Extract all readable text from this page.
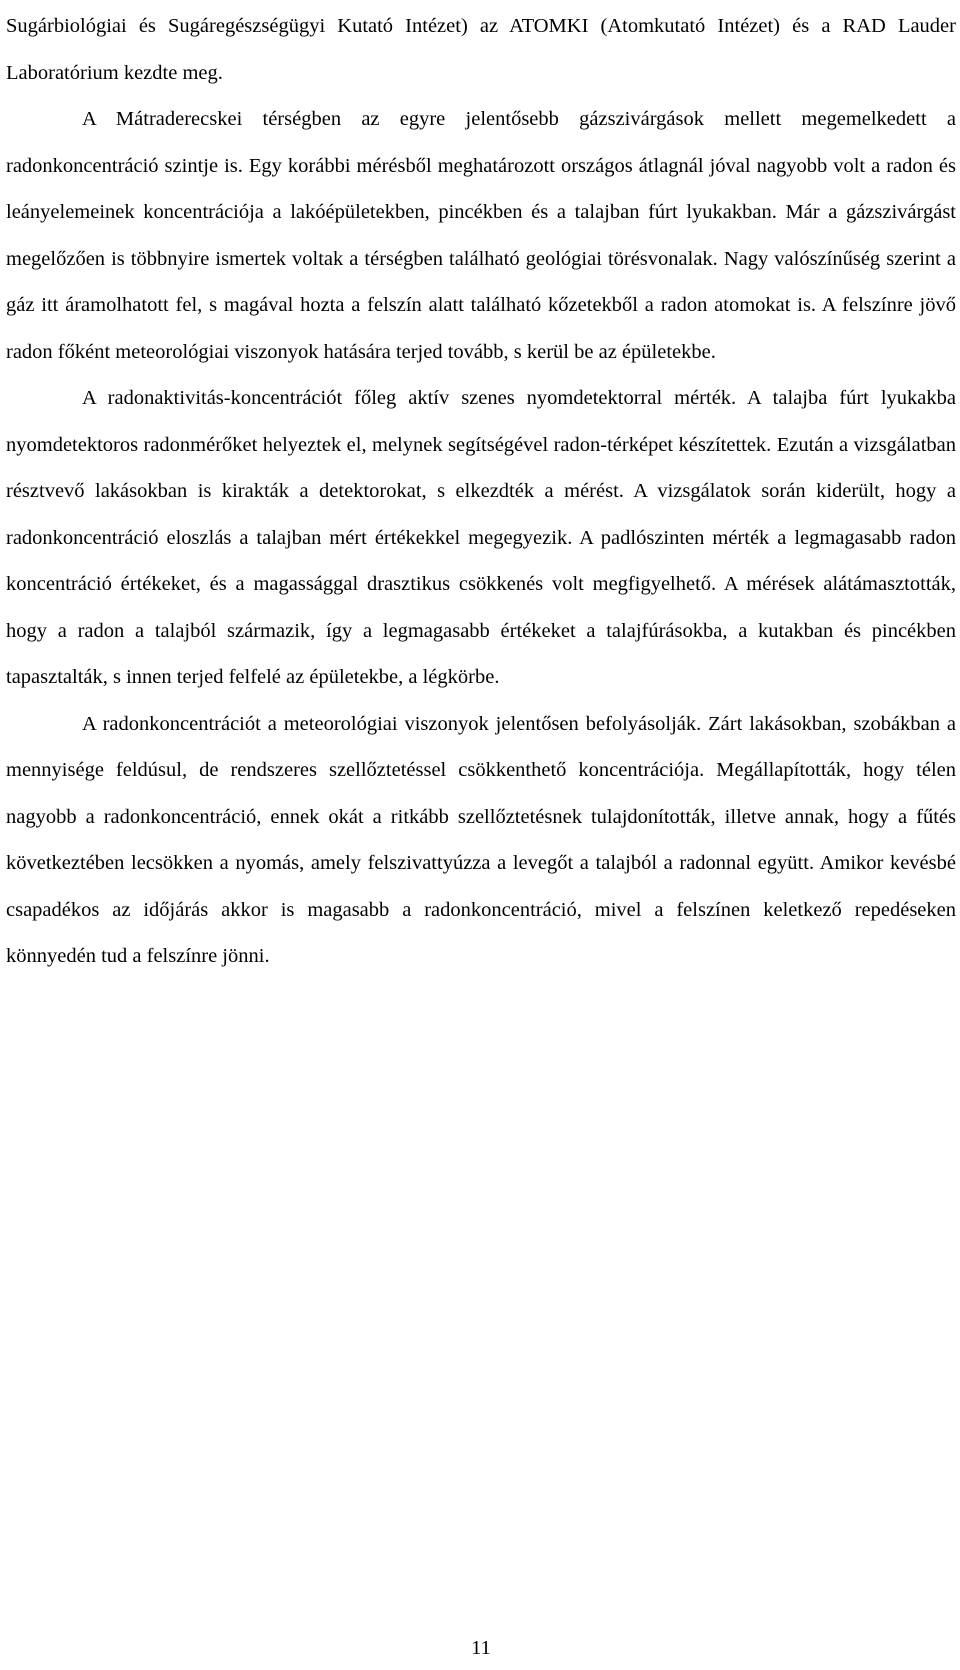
Sugárbiológiai és Sugáregészségügyi Kutató Intézet) az ATOMKI (Atomkutató Intézet) és a RAD Lauder Laboratórium kezdte meg.

A Mátraderecskei térségben az egyre jelentősebb gázszivárgások mellett megemelkedett a radonkoncentráció szintje is. Egy korábbi mérésből meghatározott országos átlagnál jóval nagyobb volt a radon és leányelemeinek koncentrációja a lakóépületekben, pincékben és a talajban fúrt lyukakban. Már a gázszivárgást megelőzően is többnyire ismertek voltak a térségben található geológiai törésvonalak. Nagy valószínűség szerint a gáz itt áramolhatott fel, s magával hozta a felszín alatt található kőzetekből a radon atomokat is. A felszínre jövő radon főként meteorológiai viszonyok hatására terjed tovább, s kerül be az épületekbe.

A radonaktivitás-koncentrációt főleg aktív szenes nyomdetektorral mérték. A talajba fúrt lyukakba nyomdetektoros radonmérőket helyeztek el, melynek segítségével radon-térképet készítettek. Ezután a vizsgálatban résztvevő lakásokban is kirakták a detektorokat, s elkezdték a mérést. A vizsgálatok során kiderült, hogy a radonkoncentráció eloszlás a talajban mért értékekkel megegyezik. A padlószinten mérték a legmagasabb radon koncentráció értékeket, és a magassággal drasztikus csökkenés volt megfigyelhető. A mérések alátámasztották, hogy a radon a talajból származik, így a legmagasabb értékeket a talajfúrásokba, a kutakban és pincékben tapasztalták, s innen terjed felfelé az épületekbe, a légkörbe.

A radonkoncentrációt a meteorológiai viszonyok jelentősen befolyásolják. Zárt lakásokban, szobákban a mennyisége feldúsul, de rendszeres szellőztetéssel csökkenthető koncentrációja. Megállapították, hogy télen nagyobb a radonkoncentráció, ennek okát a ritkább szellőztetésnek tulajdonították, illetve annak, hogy a fűtés következtében lecsökken a nyomás, amely felszivattyúzza a levegőt a talajból a radonnal együtt. Amikor kevésbé csapadékos az időjárás akkor is magasabb a radonkoncentráció, mivel a felszínen keletkező repedéseken könnyedén tud a felszínre jönni.

11
